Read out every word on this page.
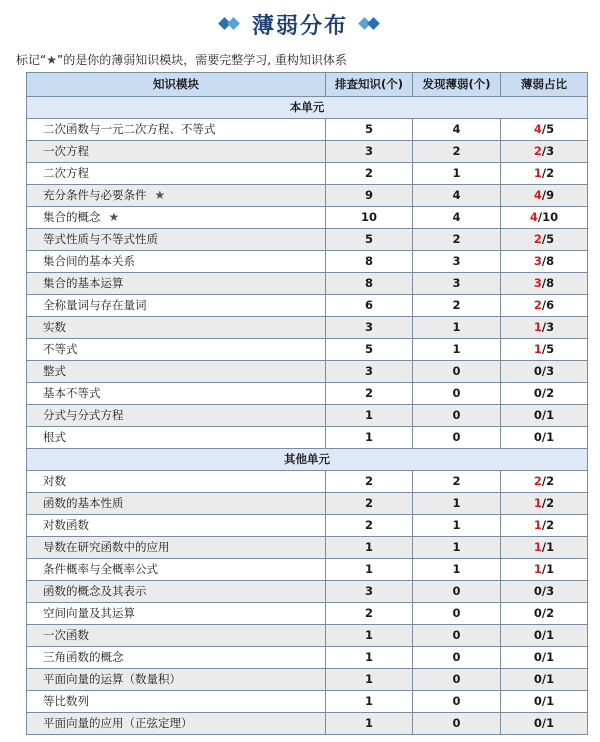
薄弱分布
标记“★”的是你的薄弱知识模块，需要完整学习, 重构知识体系
知识模块	排查知识(个)	发现薄弱(个)	薄弱占比
本单元			
二次函数与一元二次方程、不等式	5	4	4/5
一次方程	3	2	2/3
二次方程	2	1	1/2
充分条件与必要条件 ★	9	4	4/9
集合的概念 ★	10	4	4/10
等式性质与不等式性质	5	2	2/5
集合间的基本关系	8	3	3/8
集合的基本运算	8	3	3/8
全称量词与存在量词	6	2	2/6
实数	3	1	1/3
不等式	5	1	1/5
整式	3	0	0/3
基本不等式	2	0	0/2
分式与分式方程	1	0	0/1
根式	1	0	0/1
其他单元			
对数	2	2	2/2
函数的基本性质	2	1	1/2
对数函数	2	1	1/2
导数在研究函数中的应用	1	1	1/1
条件概率与全概率公式	1	1	1/1
函数的概念及其表示	3	0	0/3
空间向量及其运算	2	0	0/2
一次函数	1	0	0/1
三角函数的概念	1	0	0/1
平面向量的运算（数量积）	1	0	0/1
等比数列	1	0	0/1
平面向量的应用（正弦定理）	1	0	0/1
